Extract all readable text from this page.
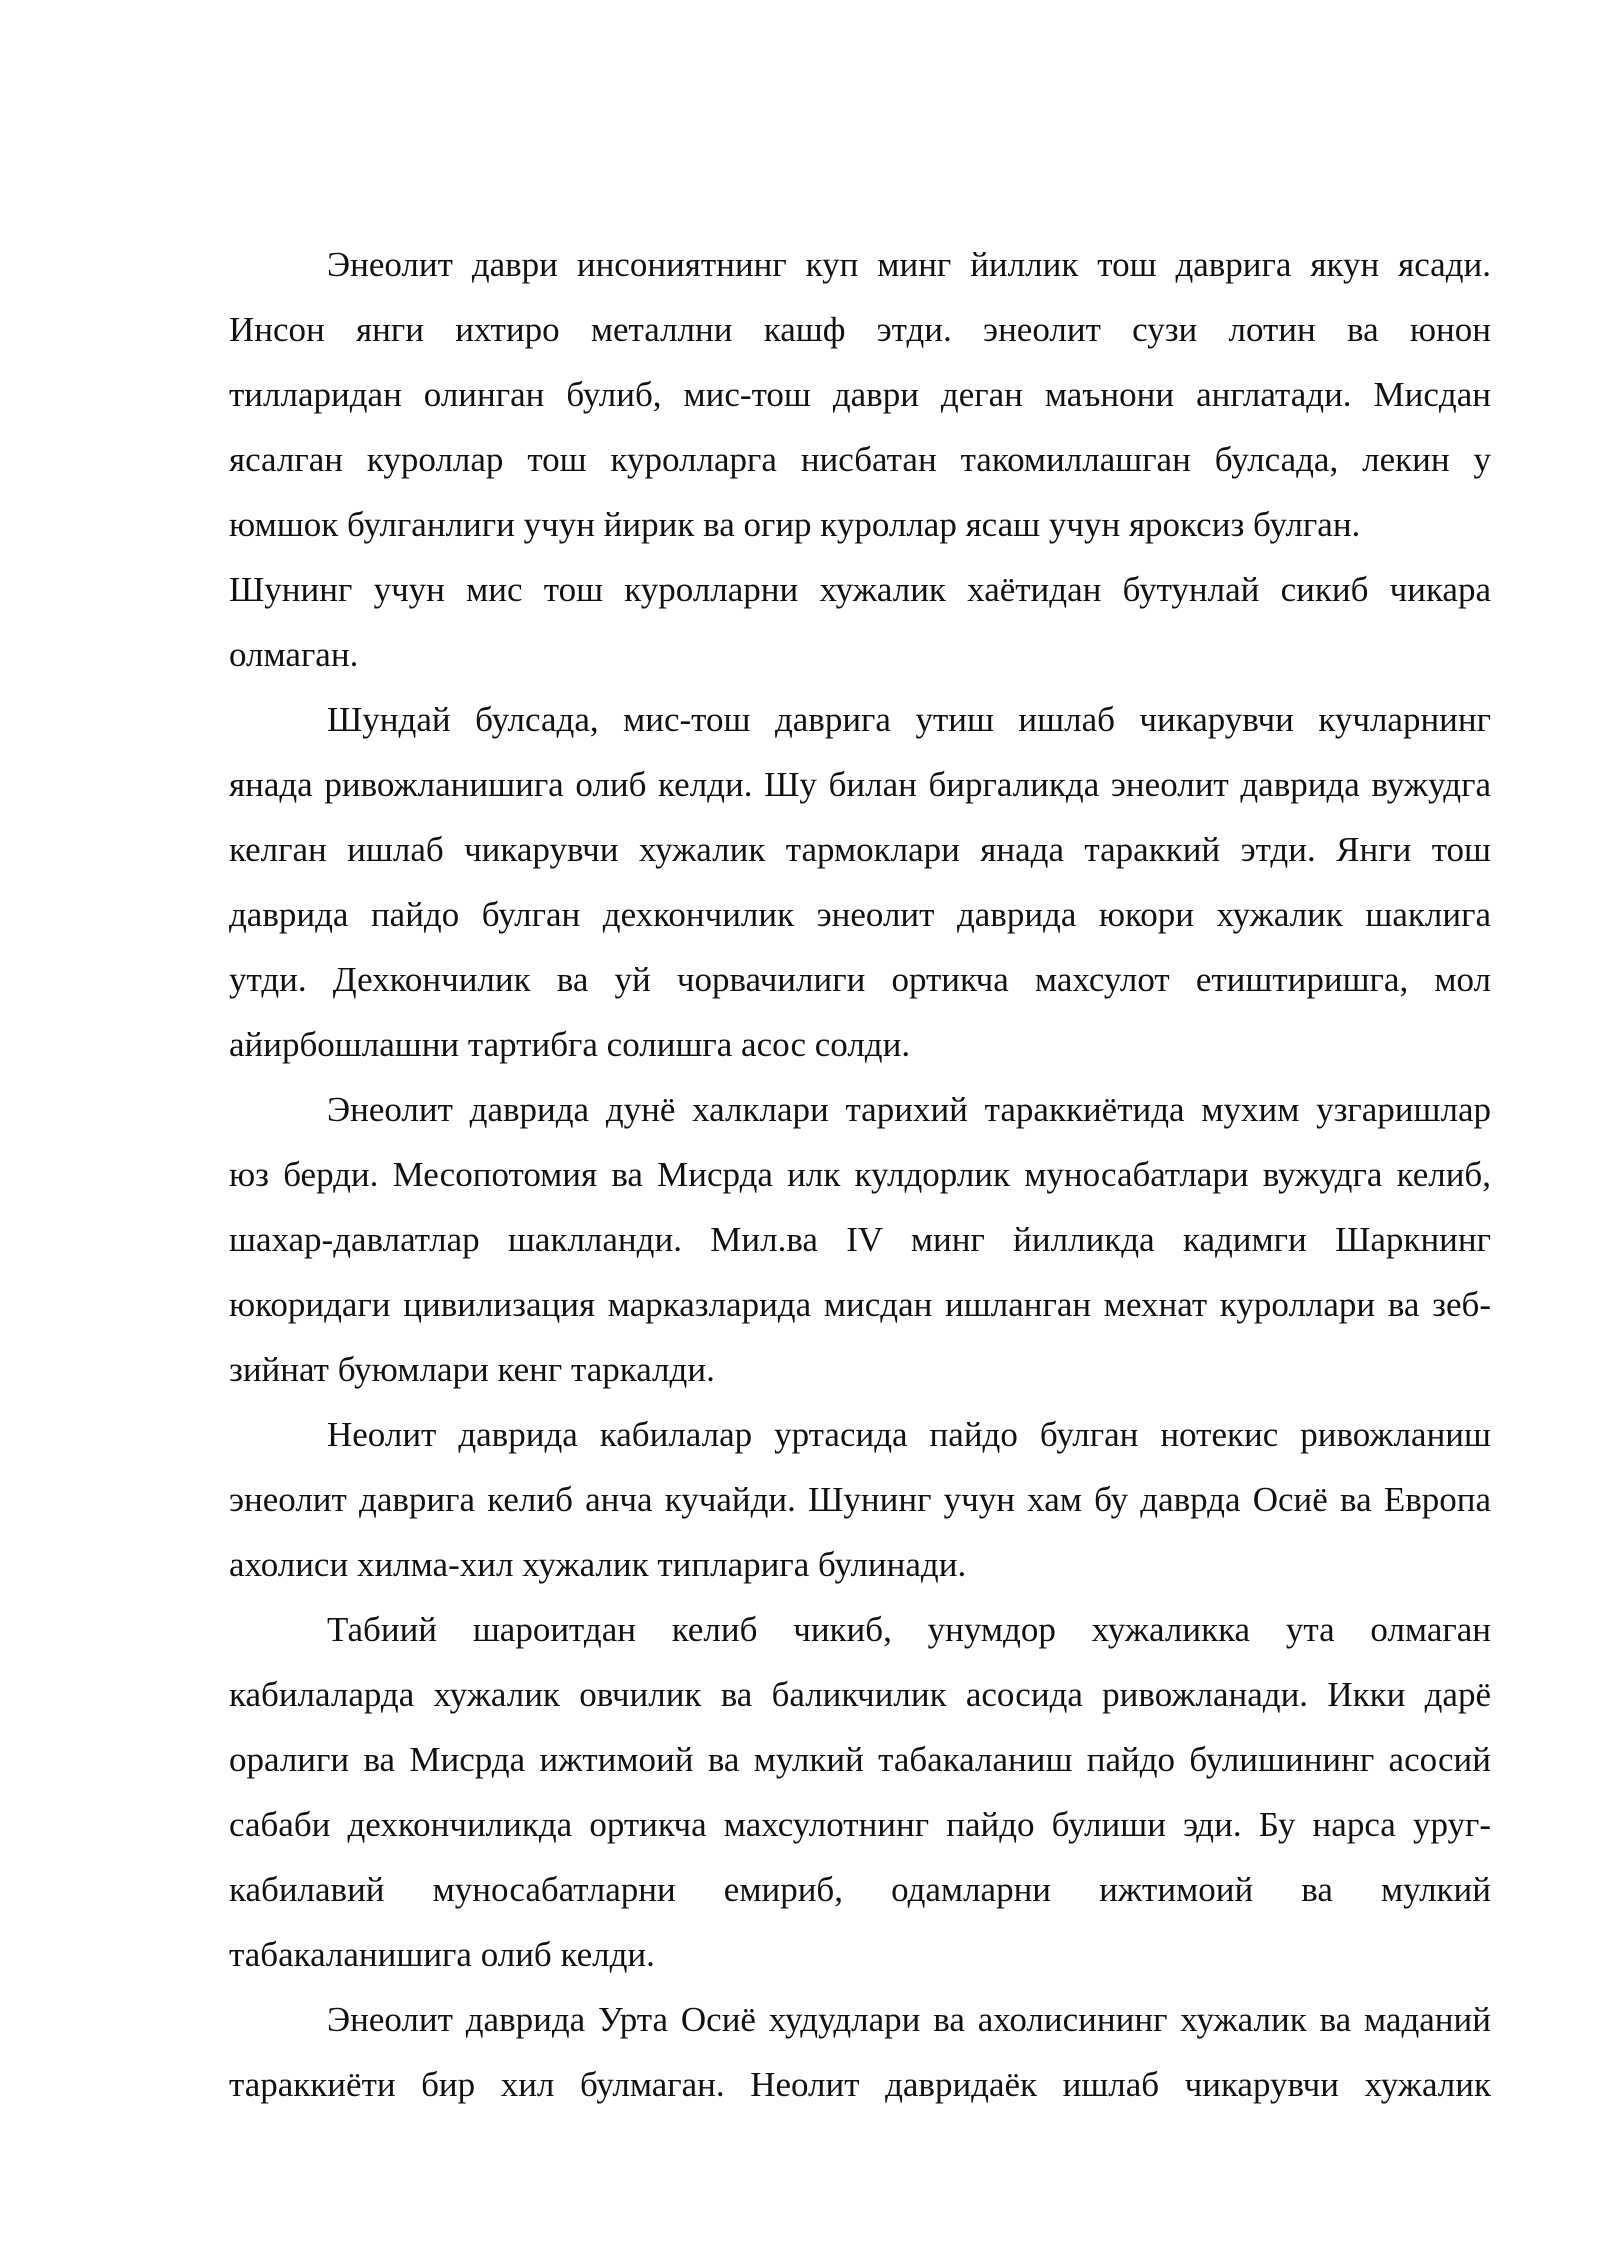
Энеолит даври инсониятнинг куп минг йиллик тош даврига якун ясади.
Инсон янги ихтиро металлни кашф этди. энеолит сузи лотин ва юнон
тилларидан олинган булиб, мис-тош даври деган маънони англатади. Мисдан
ясалган куроллар тош куролларга нисбатан такомиллашган булсада, лекин у
юмшок булганлиги учун йирик ва огир куроллар ясаш учун яроксиз булган.
Шунинг учун мис тош куролларни хужалик хаётидан бутунлай сикиб чикара
олмаган.
Шундай булсада, мис-тош даврига утиш ишлаб чикарувчи кучларнинг
янада ривожланишига олиб келди. Шу билан биргаликда энеолит даврида вужудга
келган ишлаб чикарувчи хужалик тармоклари янада тараккий этди. Янги тош
даврида пайдо булган дехкончилик энеолит даврида юкори хужалик шаклига
утди. Дехкончилик ва уй чорвачилиги ортикча махсулот етиштиришга, мол
айирбошлашни тартибга солишга асос солди.
Энеолит даврида дунё халклари тарихий тараккиётида мухим узгаришлар
юз берди. Месопотомия ва Мисрда илк кулдорлик муносабатлари вужудга келиб,
шахар-давлатлар шаклланди. Мил.ва IV минг йилликда кадимги Шаркнинг
юкоридаги цивилизация марказларида мисдан ишланган мехнат куроллари ва зеб-
зийнат буюмлари кенг таркалди.
Неолит даврида кабилалар уртасида пайдо булган нотекис ривожланиш
энеолит даврига келиб анча кучайди. Шунинг учун хам бу даврда Осиё ва Европа
ахолиси хилма-хил хужалик типларига булинади.
Табиий шароитдан келиб чикиб, унумдор хужаликка ута олмаган
кабилаларда хужалик овчилик ва баликчилик асосида ривожланади. Икки дарё
оралиги ва Мисрда ижтимоий ва мулкий табакаланиш пайдо булишининг асосий
сабаби дехкончиликда ортикча махсулотнинг пайдо булиши эди. Бу нарса уруг-
кабилавий муносабатларни емириб, одамларни ижтимоий ва мулкий
табакаланишига олиб келди.
Энеолит даврида Урта Осиё худудлари ва ахолисининг хужалик ва маданий
тараккиёти бир хил булмаган. Неолит давридаёк ишлаб чикарувчи хужалик
